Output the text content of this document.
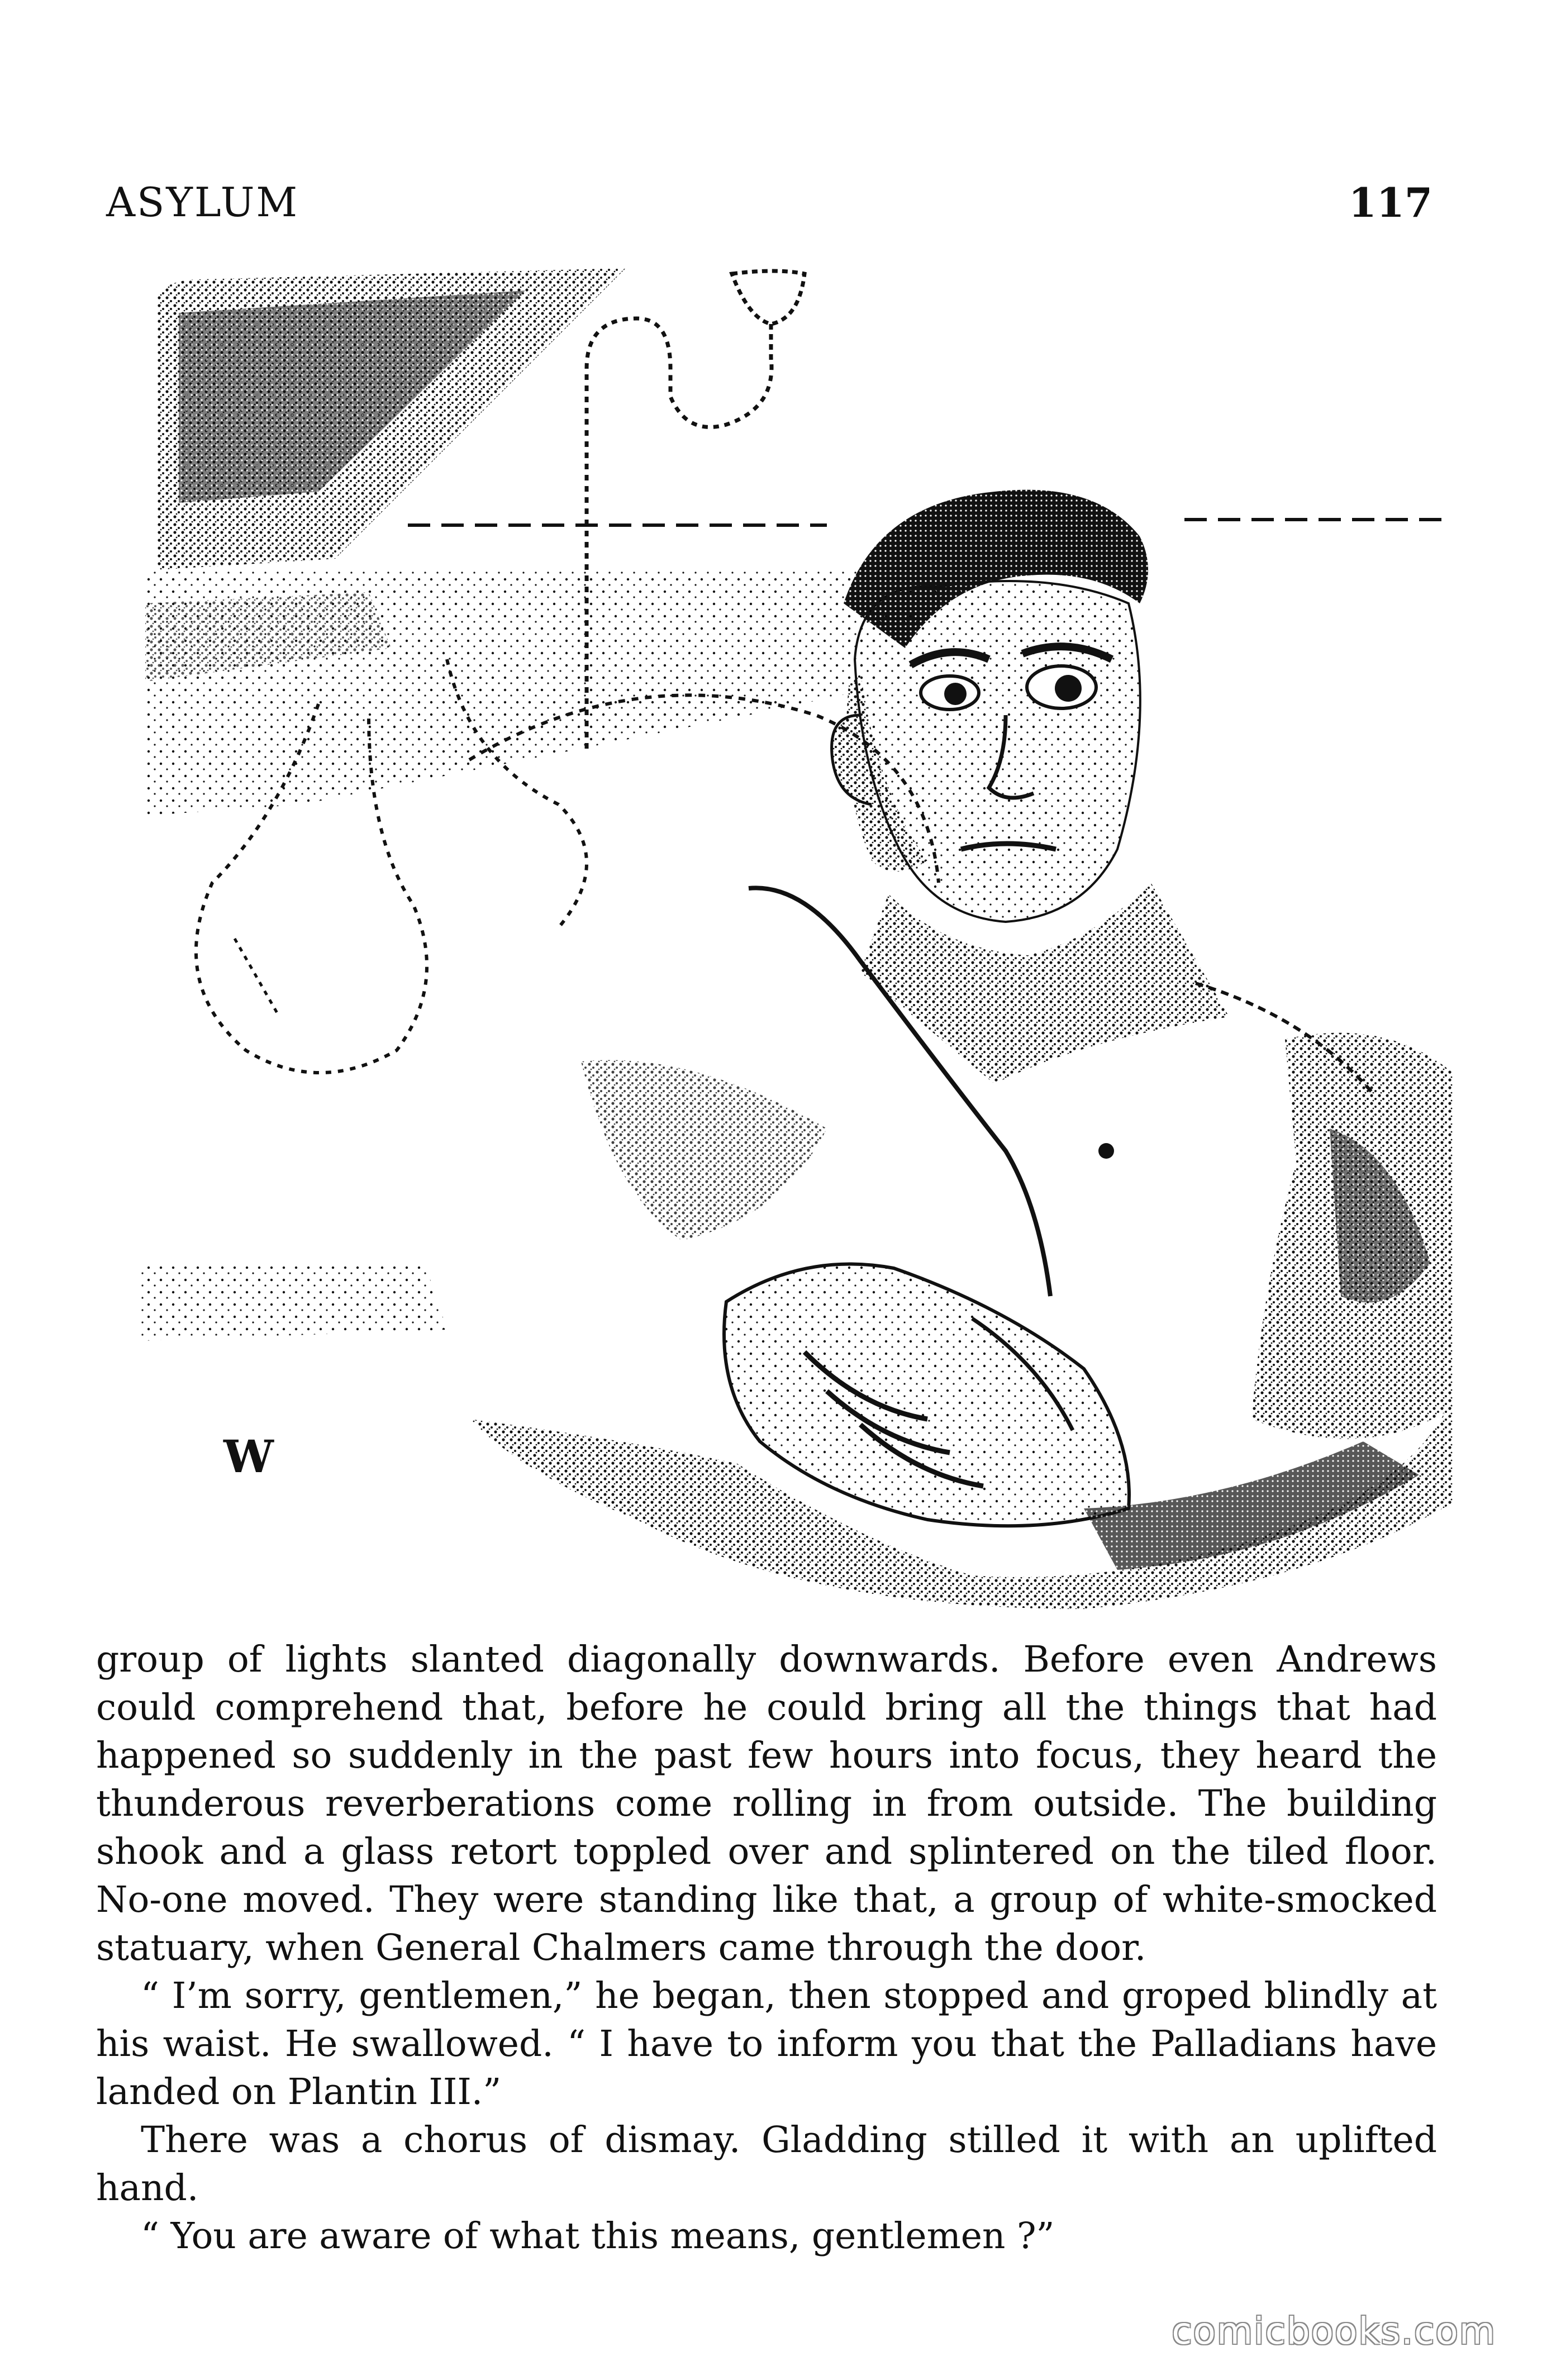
ASYLUM	117
W

group of lights slanted diagonally downwards. Before even Andrews could comprehend that, before he could bring all the things that had happened so suddenly in the past few hours into focus, they heard the thunderous reverberations come rolling in from outside. The building shook and a glass retort toppled over and splintered on the tiled floor. No-one moved. They were standing like that, a group of white-smocked statuary, when General Chalmers came through the door.

“ I’m sorry, gentlemen,” he began, then stopped and groped blindly at his waist. He swallowed. “ I have to inform you that the Palladians have landed on Plantin III.”

There was a chorus of dismay. Gladding stilled it with an uplifted hand.

“ You are aware of what this means, gentlemen ?”

comicbooks.com
